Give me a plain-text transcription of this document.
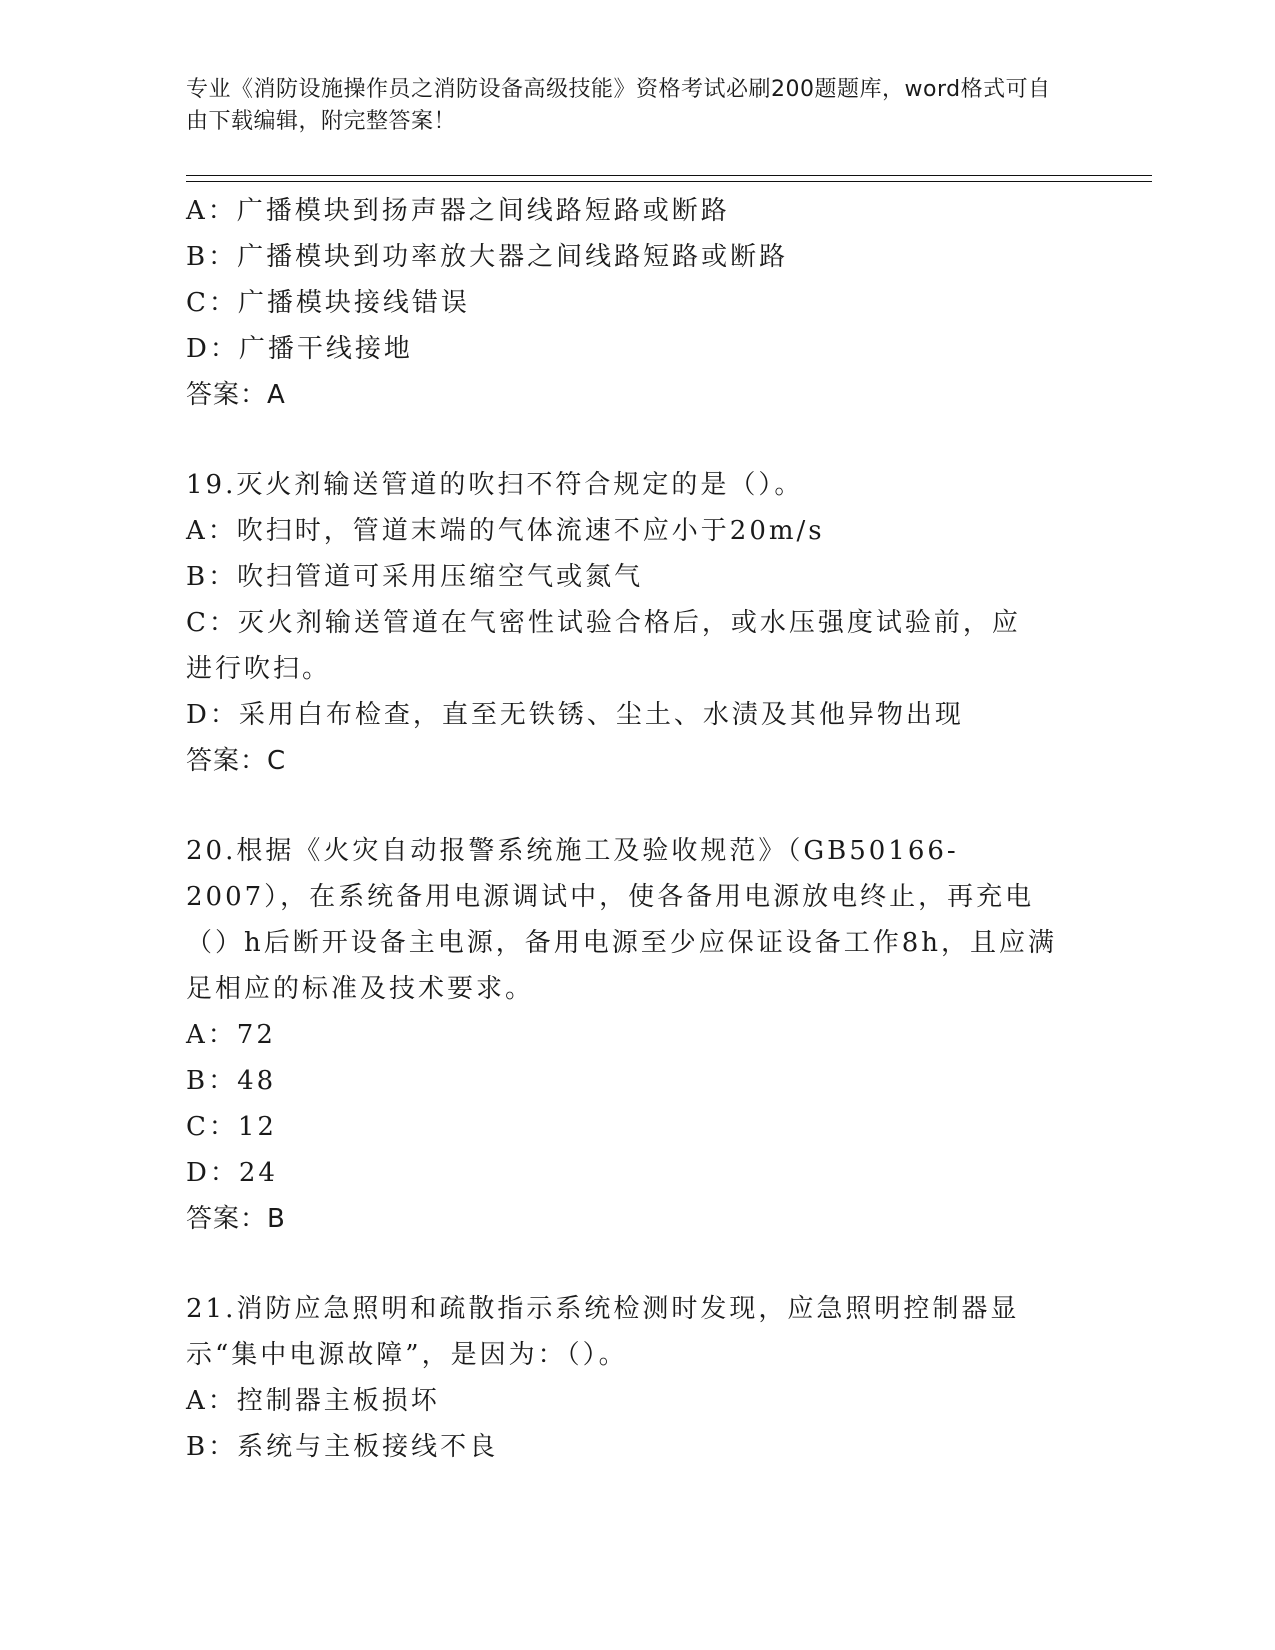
专业《消防设施操作员之消防设备高级技能》资格考试必刷200题题库，word格式可自由下载编辑，附完整答案！
A：广播模块到扬声器之间线路短路或断路
B：广播模块到功率放大器之间线路短路或断路
C：广播模块接线错误
D：广播干线接地
答案：A
19.灭火剂输送管道的吹扫不符合规定的是（）。
A：吹扫时，管道末端的气体流速不应小于20m/s
B：吹扫管道可采用压缩空气或氮气
C：灭火剂输送管道在气密性试验合格后，或水压强度试验前，应进行吹扫。
D：采用白布检查，直至无铁锈、尘土、水渍及其他异物出现
答案：C
20.根据《火灾自动报警系统施工及验收规范》（GB50166-2007），在系统备用电源调试中，使各备用电源放电终止，再充电（）h后断开设备主电源，备用电源至少应保证设备工作8h，且应满足相应的标准及技术要求。
A：72
B：48
C：12
D：24
答案：B
21.消防应急照明和疏散指示系统检测时发现，应急照明控制器显示“集中电源故障”，是因为：（）。
A：控制器主板损坏
B：系统与主板接线不良
